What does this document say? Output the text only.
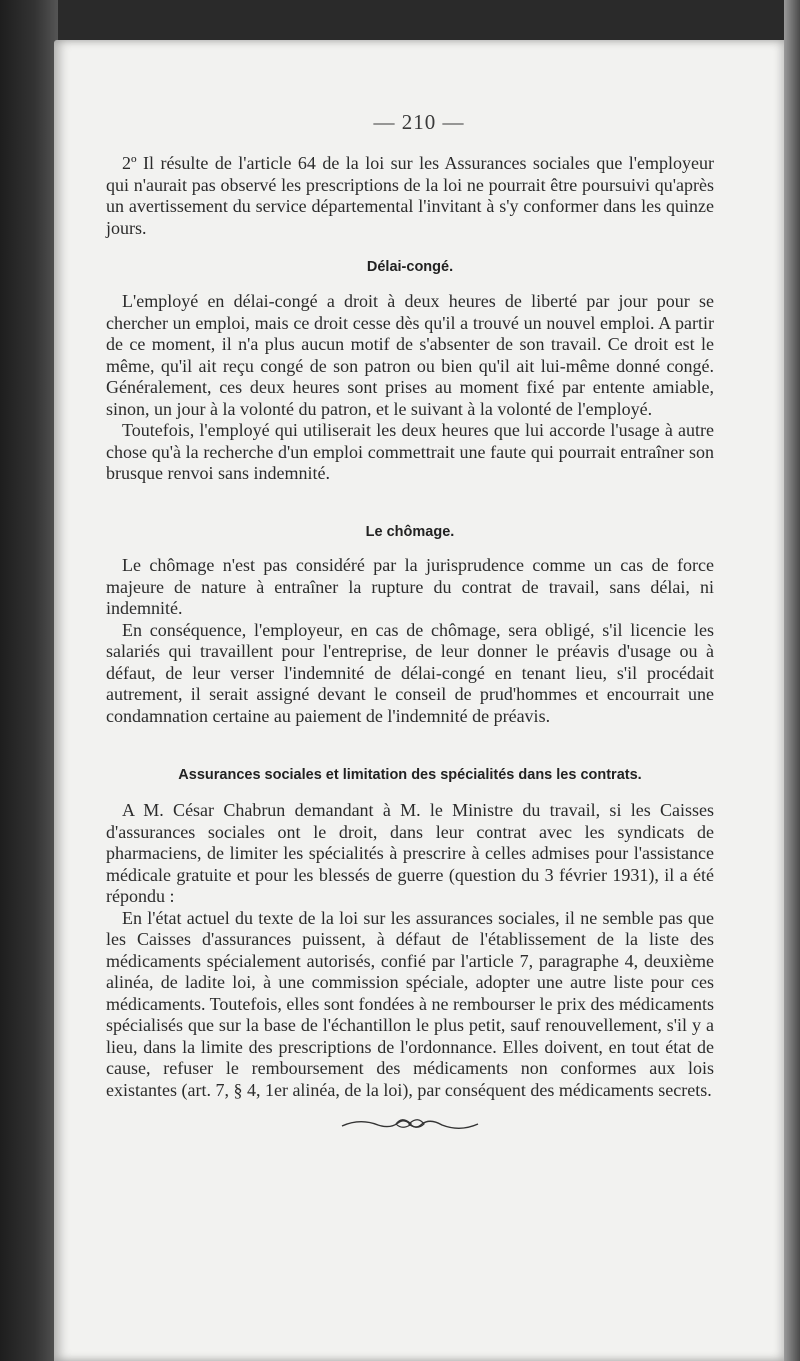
— 210 —

2º Il résulte de l'article 64 de la loi sur les Assurances sociales que l'employeur qui n'aurait pas observé les prescriptions de la loi ne pourrait être poursuivi qu'après un avertissement du service départemental l'invitant à s'y conformer dans les quinze jours.

Délai-congé.

L'employé en délai-congé a droit à deux heures de liberté par jour pour se chercher un emploi, mais ce droit cesse dès qu'il a trouvé un nouvel emploi. A partir de ce moment, il n'a plus aucun motif de s'absenter de son travail. Ce droit est le même, qu'il ait reçu congé de son patron ou bien qu'il ait lui-même donné congé. Généralement, ces deux heures sont prises au moment fixé par entente amiable, sinon, un jour à la volonté du patron, et le suivant à la volonté de l'employé.

Toutefois, l'employé qui utiliserait les deux heures que lui accorde l'usage à autre chose qu'à la recherche d'un emploi commettrait une faute qui pourrait entraîner son brusque renvoi sans indemnité.

Le chômage.

Le chômage n'est pas considéré par la jurisprudence comme un cas de force majeure de nature à entraîner la rupture du contrat de travail, sans délai, ni indemnité.

En conséquence, l'employeur, en cas de chômage, sera obligé, s'il licencie les salariés qui travaillent pour l'entreprise, de leur donner le préavis d'usage ou à défaut, de leur verser l'indemnité de délai-congé en tenant lieu, s'il procédait autrement, il serait assigné devant le conseil de prud'hommes et encourrait une condamnation certaine au paiement de l'indemnité de préavis.

Assurances sociales et limitation des spécialités dans les contrats.

A M. César Chabrun demandant à M. le Ministre du travail, si les Caisses d'assurances sociales ont le droit, dans leur contrat avec les syndicats de pharmaciens, de limiter les spécialités à prescrire à celles admises pour l'assistance médicale gratuite et pour les blessés de guerre (question du 3 février 1931), il a été répondu :

En l'état actuel du texte de la loi sur les assurances sociales, il ne semble pas que les Caisses d'assurances puissent, à défaut de l'établissement de la liste des médicaments spécialement autorisés, confié par l'article 7, paragraphe 4, deuxième alinéa, de ladite loi, à une commission spéciale, adopter une autre liste pour ces médicaments. Toutefois, elles sont fondées à ne rembourser le prix des médicaments spécialisés que sur la base de l'échantillon le plus petit, sauf renouvellement, s'il y a lieu, dans la limite des prescriptions de l'ordonnance. Elles doivent, en tout état de cause, refuser le remboursement des médicaments non conformes aux lois existantes (art. 7, § 4, 1er alinéa, de la loi), par conséquent des médicaments secrets.
